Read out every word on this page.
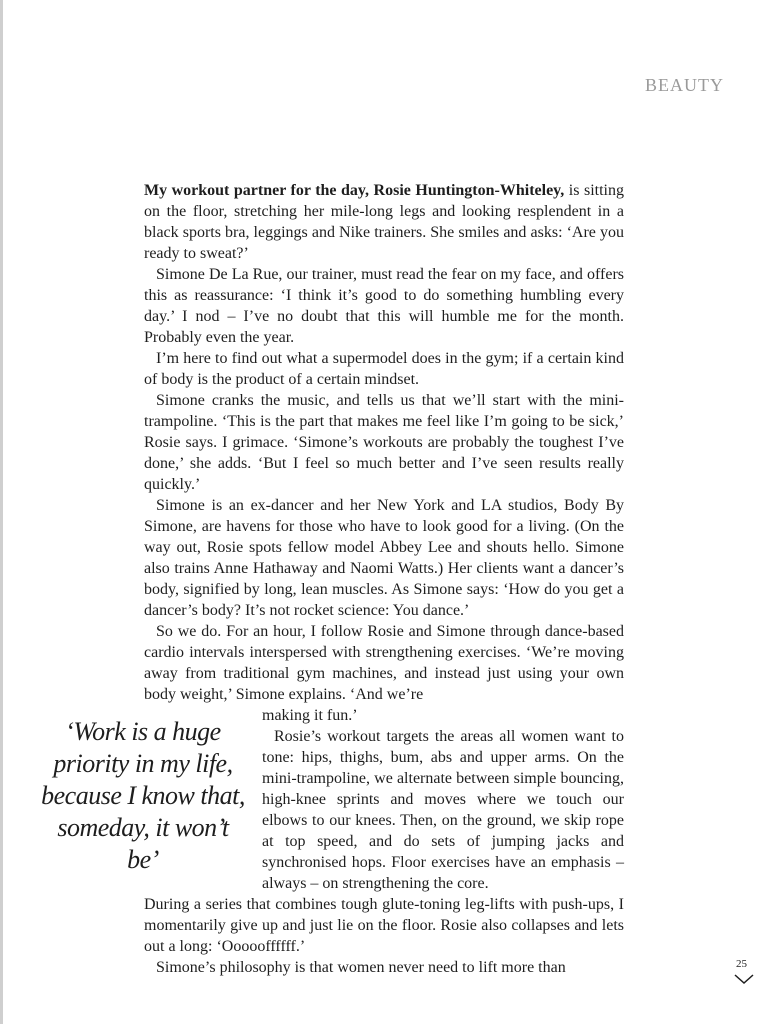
BEAUTY

My workout partner for the day, Rosie Huntington-Whiteley, is sitting on the floor, stretching her mile-long legs and looking resplendent in a black sports bra, leggings and Nike trainers. She smiles and asks: ‘Are you ready to sweat?’

Simone De La Rue, our trainer, must read the fear on my face, and offers this as reassurance: ‘I think it’s good to do something humbling every day.’ I nod – I’ve no doubt that this will humble me for the month. Probably even the year.

I’m here to find out what a supermodel does in the gym; if a certain kind of body is the product of a certain mindset.

Simone cranks the music, and tells us that we’ll start with the mini-trampoline. ‘This is the part that makes me feel like I’m going to be sick,’ Rosie says. I grimace. ‘Simone’s workouts are probably the toughest I’ve done,’ she adds. ‘But I feel so much better and I’ve seen results really quickly.’

Simone is an ex-dancer and her New York and LA studios, Body By Simone, are havens for those who have to look good for a living. (On the way out, Rosie spots fellow model Abbey Lee and shouts hello. Simone also trains Anne Hathaway and Naomi Watts.) Her clients want a dancer’s body, signified by long, lean muscles. As Simone says: ‘How do you get a dancer’s body? It’s not rocket science: You dance.’

So we do. For an hour, I follow Rosie and Simone through dance-based cardio intervals interspersed with strengthening exercises. ‘We’re moving away from traditional gym machines, and instead just using your own body weight,’ Simone explains. ‘And we’re

making it fun.’

Rosie’s workout targets the areas all women want to tone: hips, thighs, bum, abs and upper arms. On the mini-trampoline, we alternate between simple bouncing, high-knee sprints and moves where we touch our elbows to our knees. Then, on the ground, we skip rope at top speed, and do sets of jumping jacks and synchronised hops. Floor exercises have an emphasis – always – on strengthening the core.

During a series that combines tough glute-toning leg-lifts with push-ups, I momentarily give up and just lie on the floor. Rosie also collapses and lets out a long: ‘Oooooffffff.’

Simone’s philosophy is that women never need to lift more than

‘Work is a huge priority in my life, because I know that, someday, it won’t be’
25
